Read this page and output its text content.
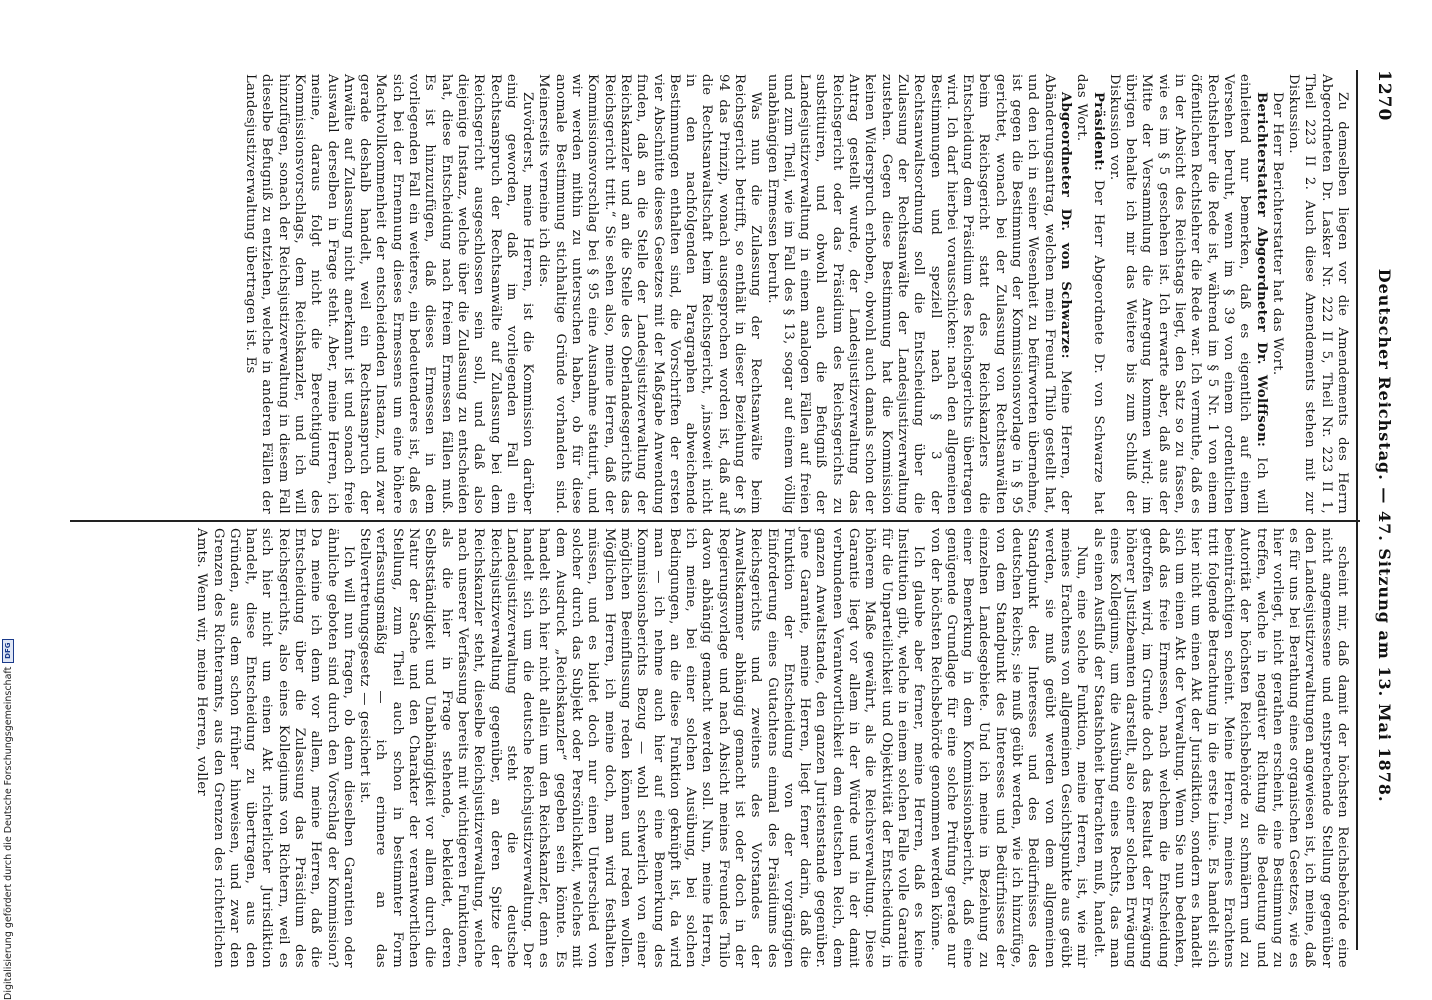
1270
Deutscher Reichstag. — 47. Sitzung am 13. Mai 1878.

Zu demselben liegen vor die Amendements des Herrn Abgeordneten Dr. Lasker Nr. 222 II 5, Theil Nr. 223 II 1, Theil 223 II 2. Auch diese Amendements stehen mit zur Diskussion.

Der Herr Berichterstatter hat das Wort.

Berichterstatter Abgeordneter Dr. Wolffson: Ich will einleitend nur bemerken, daß es eigentlich auf einem Versehen beruht, wenn im § 39 von einem ordentlichen Rechtslehrer die Rede ist, während im § 5 Nr. 1 von einem öffentlichen Rechtslehrer die Rede war. Ich vermuthe, daß es in der Absicht des Reichstags liegt, den Satz so zu fassen, wie es im § 5 geschehen ist. Ich erwarte aber, daß aus der Mitte der Versammlung die Anregung kommen wird; im übrigen behalte ich mir das Weitere bis zum Schluß der Diskussion vor.

Präsident: Der Herr Abgeordnete Dr. von Schwarze hat das Wort.

Abgeordneter Dr. von Schwarze: Meine Herren, der Abänderungsantrag, welchen mein Freund Thilo gestellt hat, und den ich in seiner Wesenheit zu befürworten übernehme, ist gegen die Bestimmung der Kommissionsvorlage in § 95 gerichtet, wonach bei der Zulassung von Rechtsanwälten beim Reichsgericht statt des Reichskanzlers die Entscheidung dem Präsidium des Reichsgerichts übertragen wird. Ich darf hierbei vorausschicken: nach den allgemeinen Bestimmungen und speziell nach § 3 der Rechtsanwaltsordnung soll die Entscheidung über die Zulassung der Rechtsanwälte der Landesjustizverwaltung zustehen. Gegen diese Bestimmung hat die Kommission keinen Widerspruch erhoben, obwohl auch damals schon der Antrag gestellt wurde, der Landesjustizverwaltung das Reichsgericht oder das Präsidium des Reichsgerichts zu substituiren, und obwohl auch die Befugniß der Landesjustizverwaltung in einem analogen Fällen auf freien und zum Theil, wie im Fall des § 13, sogar auf einem völlig unabhängigen Ermessen beruht.

Was nun die Zulassung der Rechtsanwälte beim Reichsgericht betrifft, so enthält in dieser Beziehung der § 94 das Prinzip, wonach ausgesprochen worden ist, daß auf die Rechtsanwaltschaft beim Reichsgericht, „insoweit nicht in den nachfolgenden Paragraphen abweichende Bestimmungen enthalten sind, die Vorschriften der ersten vier Abschnitte dieses Gesetzes mit der Maßgabe Anwendung finden, daß an die Stelle der Landesjustizverwaltung der Reichskanzler und an die Stelle des Oberlandesgerichts das Reichsgericht tritt.“ Sie sehen also, meine Herren, daß der Kommissionsvorschlag bei § 95 eine Ausnahme statuirt, und wir werden mithin zu untersuchen haben, ob für diese anomale Bestimmung stichhaltige Gründe vorhanden sind. Meinerseits verneine ich dies.

Zuvörderst, meine Herren, ist die Kommission darüber einig geworden, daß im vorliegenden Fall ein Rechtsanspruch der Rechtsanwälte auf Zulassung bei dem Reichsgericht ausgeschlossen sein soll, und daß also diejenige Instanz, welche über die Zulassung zu entscheiden hat, diese Entscheidung nach freiem Ermessen fällen muß. Es ist hinzuzufügen, daß dieses Ermessen in dem vorliegenden Fall ein weiteres, ein bedeutenderes ist, daß es sich bei der Ernennung dieses Ermessens um eine höhere Machtvollkommenheit der entscheidenden Instanz, und zwar gerade deshalb handelt, weil ein Rechtsanspruch der Anwälte auf Zulassung nicht anerkannt ist und sonach freie Auswahl derselben in Frage steht. Aber, meine Herren, ich meine, daraus folgt nicht die Berechtigung des Kommissionsvorschlags, dem Reichskanzler, und ich will hinzufügen, sonach der Reichsjustizverwaltung in diesem Fall dieselbe Befugniß zu entziehen, welche in anderen Fällen der Landesjustizverwaltung übertragen ist. Es

scheint mir, daß damit der höchsten Reichsbehörde eine nicht angemessene und entsprechende Stellung gegenüber den Landesjustizverwaltungen angewiesen ist, ich meine, daß es für uns bei Berathung eines organischen Gesetzes, wie es hier vorliegt, nicht gerathen erscheint, eine Bestimmung zu treffen, welche in negativer Richtung die Bedeutung und Autorität der höchsten Reichsbehörde zu schmälern und zu beeinträchtigen scheint. Meine Herren, meines Erachtens tritt folgende Betrachtung in die erste Linie. Es handelt sich hier nicht um einen Akt der Jurisdiktion, sondern es handelt sich um einen Akt der Verwaltung. Wenn Sie nun bedenken, daß das freie Ermessen, nach welchem die Entscheidung getroffen wird, im Grunde doch das Resultat der Erwägung höherer Justizbeamten darstellt, also einer solchen Erwägung eines Kollegiums, um die Ausübung eines Rechts, das man als einen Ausfluß der Staatshoheit betrachten muß, handelt.

Nun, eine solche Funktion, meine Herren, ist, wie mir meines Erachtens von allgemeinen Gesichtspunkte aus geübt werden, sie muß geübt werden von dem allgemeinen Standpunkt des Interesses und des Bedürfnisses des deutschen Reichs; sie muß geübt werden, wie ich hinzufüge, von dem Standpunkt des Interesses und Bedürfnisses der einzelnen Landesgebiete. Und ich meine in Beziehung zu einer Bemerkung in dem Kommissionsbericht, daß eine genügende Grundlage für eine solche Prüfung gerade nur von der höchsten Reichsbehörde genommen werden könne.

Ich glaube aber ferner, meine Herren, daß es keine Institution gibt, welche in einem solchen Falle volle Garantie für die Unparteilichkeit und Objektivität der Entscheidung, in höherem Maße gewährt, als die Reichsverwaltung. Diese Garantie liegt vor allem in der Würde und in der damit verbundenen Verantwortlichkeit dem deutschen Reich, dem ganzen Anwaltstande, den ganzen Juristenstande gegenüber. Jene Garantie, meine Herren, liegt ferner darin, daß die Funktion der Entscheidung von der vorgängigen Einforderung eines Gutachtens einmal des Präsidiums des Reichsgerichts und zweitens des Vorstandes der Anwaltskammer abhängig gemacht ist oder doch in der Regierungsvorlage und nach Absicht meines Freundes Thilo davon abhängig gemacht werden soll. Nun, meine Herren, ich meine, bei einer solchen Ausübung, bei solchen Bedingungen, an die diese Funktion geknüpft ist, da wird man — ich nehme auch hier auf eine Bemerkung des Kommissionsberichts Bezug — wohl schwerlich von einer möglichen Beeinflussung reden können und reden wollen. Möglichen Herren, ich meine doch, man wird festhalten müssen, und es bildet doch nur einen Unterschied von solcher durch das Subjekt oder Persönlichkeit, welches mit dem Ausdruck „Reichskanzler“ gegeben sein könnte. Es handelt sich hier nicht allein um den Reichskanzler, denn es handelt sich um die deutsche Reichsjustizverwaltung. Der Landesjustizverwaltung steht die deutsche Reichsjustizverwaltung gegenüber, an deren Spitze der Reichskanzler steht, dieselbe Reichsjustizverwaltung, welche nach unserer Verfassung bereits mit wichtigeren Funktionen, als die hier in Frage stehende, bekleidet, deren Selbstständigkeit und Unabhängigkeit vor allem durch die Natur der Sache und den Charakter der verantwortlichen Stellung, zum Theil auch schon in bestimmter Form verfassungsmäßig — ich erinnere an das Stellvertretungsgesetz — gesichert ist.

Ich will nun fragen, ob denn dieselben Garantien oder ähnliche geboten sind durch den Vorschlag der Kommission? Da meine ich denn vor allem, meine Herren, daß die Entscheidung über die Zulassung das Präsidium des Reichsgerichts, also eines Kollegiums von Richtern, weil es sich hier nicht um einen Akt richterlicher Jurisdiktion handelt, diese Entscheidung zu übertragen, aus den Gründen, aus dem schon früher hinweisen, und zwar den Grenzen des Richteramts, aus den Grenzen des richterlichen Amts. Wenn wir, meine Herren, voller

Digitalisierung gefördert durch die Deutsche Forschungsgemeinschaft
DFG
